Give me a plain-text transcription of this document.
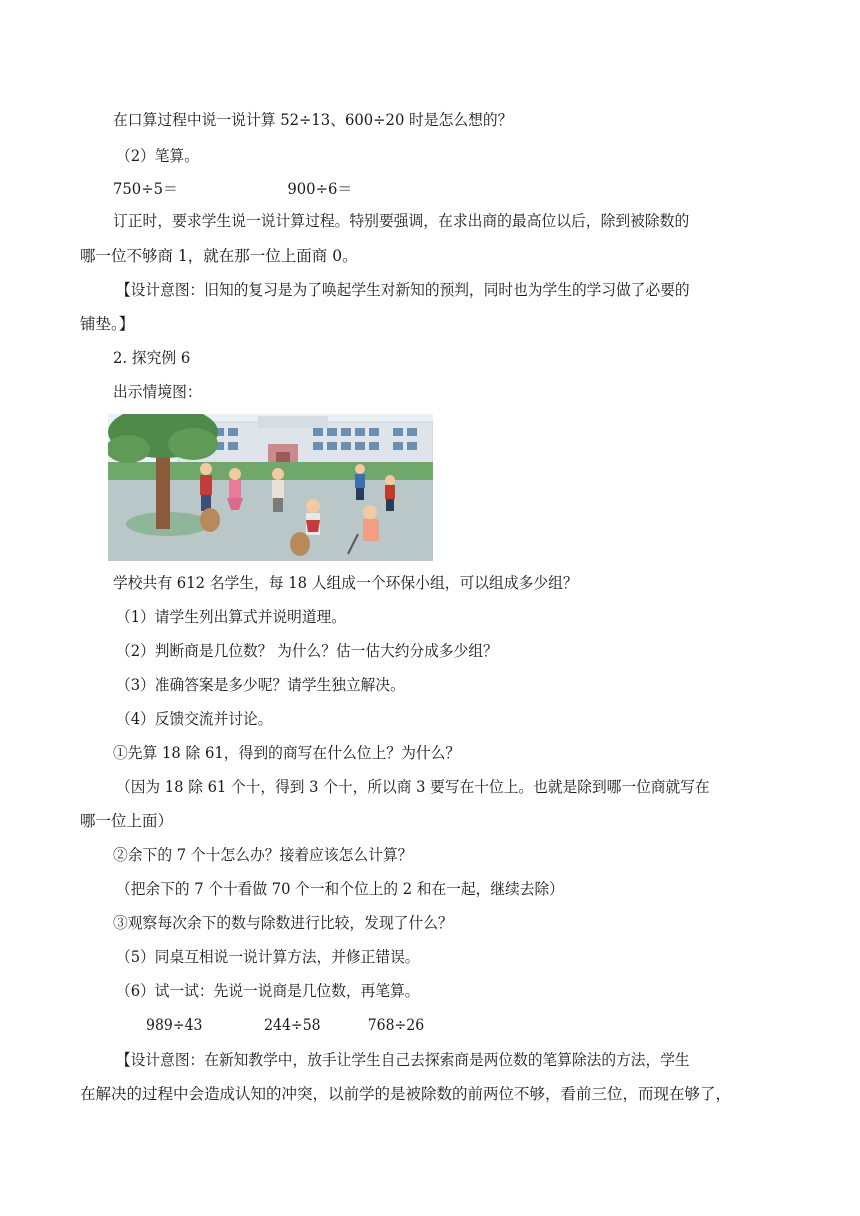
在口算过程中说一说计算 52÷13、600÷20 时是怎么想的？
（2）笔算。
750÷5＝	900÷6＝
订正时，要求学生说一说计算过程。特别要强调，在求出商的最高位以后，除到被除数的
哪一位不够商 1，就在那一位上面商 0。
【设计意图：旧知的复习是为了唤起学生对新知的预判，同时也为学生的学习做了必要的
铺垫。】
2. 探究例 6
出示情境图：
学校共有 612 名学生，每 18 人组成一个环保小组，可以组成多少组？
（1）请学生列出算式并说明道理。
（2）判断商是几位数？ 为什么？估一估大约分成多少组？
（3）准确答案是多少呢？请学生独立解决。
（4）反馈交流并讨论。
①先算 18 除 61，得到的商写在什么位上？为什么？
（因为 18 除 61 个十，得到 3 个十，所以商 3 要写在十位上。也就是除到哪一位商就写在
哪一位上面）
②余下的 7 个十怎么办？接着应该怎么计算？
（把余下的 7 个十看做 70 个一和个位上的 2 和在一起，继续去除）
③观察每次余下的数与除数进行比较，发现了什么？
（5）同桌互相说一说计算方法，并修正错误。
（6）试一试：先说一说商是几位数，再笔算。
989÷43	244÷58	768÷26
【设计意图：在新知教学中，放手让学生自己去探索商是两位数的笔算除法的方法，学生
在解决的过程中会造成认知的冲突，以前学的是被除数的前两位不够，看前三位，而现在够了，
